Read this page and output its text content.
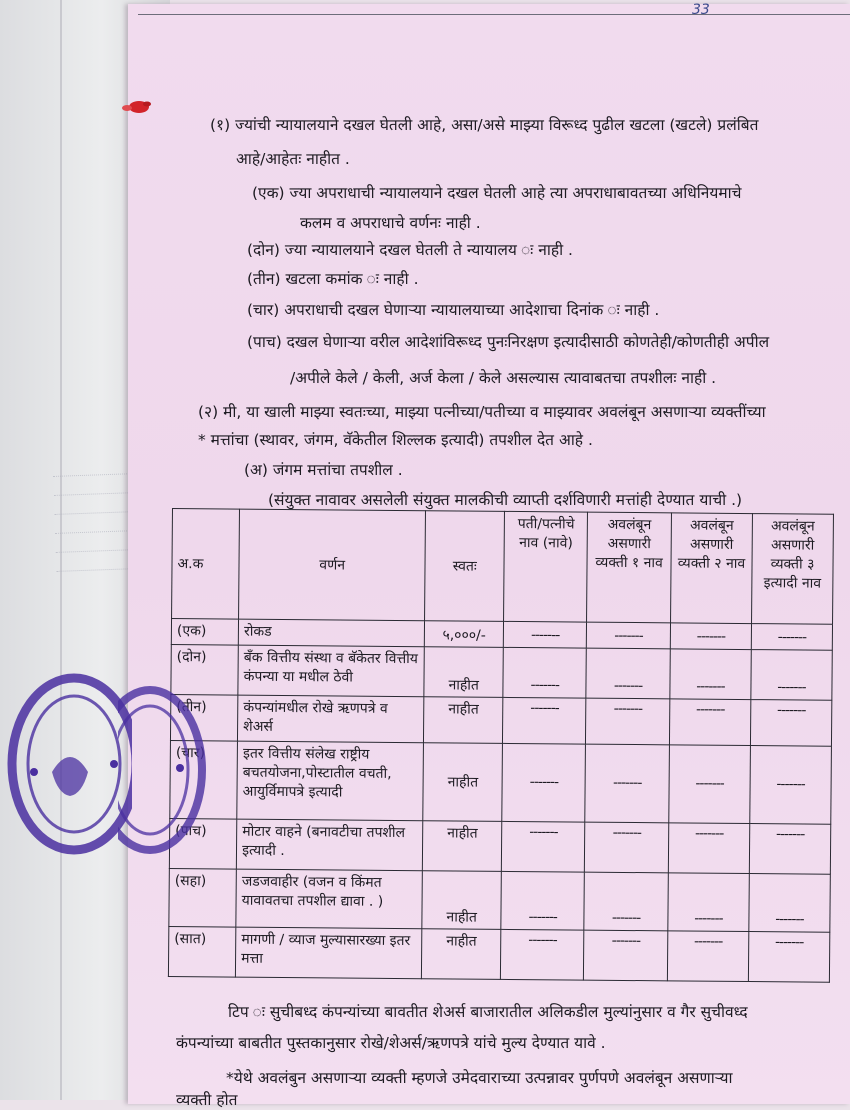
33
(१) ज्यांची न्यायालयाने दखल घेतली आहे, असा/असे माझ्या विरूध्द पुढील खटला (खटले) प्रलंबित
आहे/आहेतः नाहीत .
(एक) ज्या अपराधाची न्यायालयाने दखल घेतली आहे त्या अपराधाबावतच्या अधिनियमाचे
कलम व अपराधाचे वर्णनः नाही .
(दोन) ज्या न्यायालयाने दखल घेतली ते न्यायालय ः नाही .
(तीन) खटला कमांक ः नाही .
(चार) अपराधाची दखल घेणाऱ्या न्यायालयाच्या आदेशाचा दिनांक ः नाही .
(पाच) दखल घेणाऱ्या वरील आदेशांविरूध्द पुनःनिरक्षण इत्यादीसाठी कोणतेही/कोणतीही अपील
/अपीले केले / केली, अर्ज केला / केले असल्यास त्यावाबतचा तपशीलः नाही .
(२) मी, या खाली माझ्या स्वतःच्या, माझ्या पत्नीच्या/पतीच्या व माझ्यावर अवलंबून असणाऱ्या व्यक्तींच्या
* मत्तांचा (स्थावर, जंगम, वॅकेतील शिल्लक इत्यादी) तपशील देत आहे .
(अ) जंगम मत्तांचा तपशील .
(संयुक्त नावावर असलेली संयुक्त मालकीची व्याप्ती दर्शविणारी मत्तांही देण्यात याची .)
अ.क	वर्णन	स्वतः	पती/पत्नीचे नाव (नावे)	अवलंबून असणारी व्यक्ती १ नाव	अवलंबून असणारी व्यक्ती २ नाव	अवलंबून असणारी व्यक्ती ३ इत्यादी नाव
(एक)	रोकड	५,०००/-	-------	-------	-------	-------
(दोन)	बँक वित्तीय संस्था व बॅकेतर वित्तीय कंपन्या या मधील ठेवी	नाहीत	-------	-------	-------	-------
(तीन)	कंपन्यांमधील रोखे ऋणपत्रे व शेअर्स	नाहीत	-------	-------	-------	-------
(चार)	इतर वित्तीय संलेख राष्ट्रीय बचतयोजना,पोस्टातील वचती, आयुर्विमापत्रे इत्यादी	नाहीत	-------	-------	-------	-------
(पाच)	मोटार वाहने (बनावटीचा तपशील इत्यादी .	नाहीत	-------	-------	-------	-------
(सहा)	जडजवाहीर (वजन व किंमत यावावतचा तपशील द्यावा . )	नाहीत	-------	-------	-------	-------
(सात)	मागणी / व्याज मुल्यासारख्या इतर मत्ता	नाहीत	-------	-------	-------	-------
टिप ः सुचीबध्द कंपन्यांच्या बावतीत शेअर्स बाजारातील अलिकडील मुल्यांनुसार व गैर सुचीवध्द
कंपन्यांच्या बाबतीत पुस्तकानुसार रोखे/शेअर्स/ऋणपत्रे यांचे मुल्य देण्यात यावे .
*येथे अवलंबुन असणाऱ्या व्यक्ती म्हणजे उमेदवाराच्या उत्पन्नावर पुर्णपणे अवलंबून असणाऱ्या
व्यक्ती होत
